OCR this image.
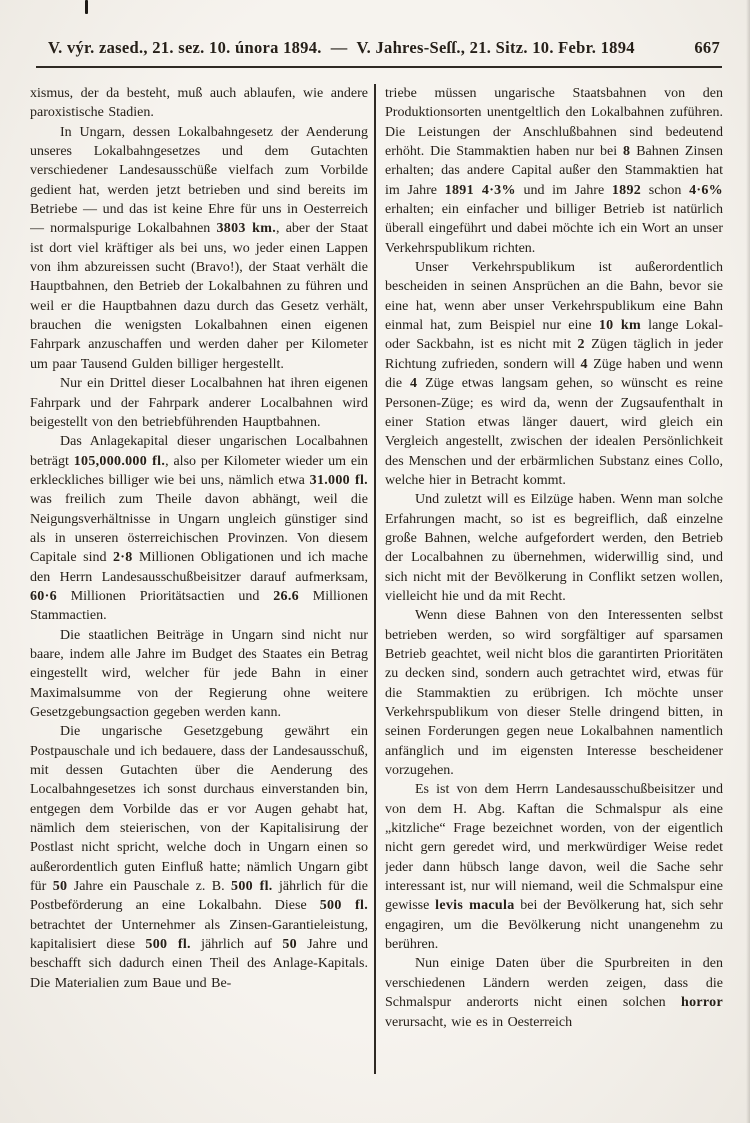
V. výr. zased., 21. sez. 10. února 1894. — V. Jahres-Seſſ., 21. Sitz. 10. Febr. 1894	667

xismus, der da besteht, muß auch ablaufen, wie andere paroxistische Stadien.

In Ungarn, dessen Lokalbahngesetz der Aenderung unseres Lokalbahngesetzes und dem Gutachten verschiedener Landesausschüße vielfach zum Vorbilde gedient hat, werden jetzt betrieben und sind bereits im Betriebe — und das ist keine Ehre für uns in Oesterreich — normalspurige Lokalbahnen 3803 km., aber der Staat ist dort viel kräftiger als bei uns, wo jeder einen Lappen von ihm abzureissen sucht (Bravo!), der Staat verhält die Hauptbahnen, den Betrieb der Lokalbahnen zu führen und weil er die Hauptbahnen dazu durch das Gesetz verhält, brauchen die wenigsten Lokalbahnen einen eigenen Fahrpark anzuschaffen und werden daher per Kilometer um paar Tausend Gulden billiger hergestellt.

Nur ein Drittel dieser Localbahnen hat ihren eigenen Fahrpark und der Fahrpark anderer Localbahnen wird beigestellt von den betriebführenden Hauptbahnen.

Das Anlagekapital dieser ungarischen Localbahnen beträgt 105,000.000 fl., also per Kilometer wieder um ein erkleckliches billiger wie bei uns, nämlich etwa 31.000 fl. was freilich zum Theile davon abhängt, weil die Neigungsverhältnisse in Ungarn ungleich günstiger sind als in unseren österreichischen Provinzen. Von diesem Capitale sind 2·8 Millionen Obligationen und ich mache den Herrn Landesausschußbeisitzer darauf aufmerksam, 60·6 Millionen Prioritätsactien und 26.6 Millionen Stammactien.

Die staatlichen Beiträge in Ungarn sind nicht nur baare, indem alle Jahre im Budget des Staates ein Betrag eingestellt wird, welcher für jede Bahn in einer Maximalsumme von der Regierung ohne weitere Gesetzgebungsaction gegeben werden kann.

Die ungarische Gesetzgebung gewährt ein Postpauschale und ich bedauere, dass der Landesausschuß, mit dessen Gutachten über die Aenderung des Localbahngesetzes ich sonst durchaus einverstanden bin, entgegen dem Vorbilde das er vor Augen gehabt hat, nämlich dem steierischen, von der Kapitalisirung der Postlast nicht spricht, welche doch in Ungarn einen so außerordentlich guten Einfluß hatte; nämlich Ungarn gibt für 50 Jahre ein Pauschale z. B. 500 fl. jährlich für die Postbeförderung an eine Lokalbahn. Diese 500 fl. betrachtet der Unternehmer als Zinsen-Garantieleistung, kapitalisiert diese 500 fl. jährlich auf 50 Jahre und beschafft sich dadurch einen Theil des Anlage-Kapitals. Die Materialien zum Baue und Be-

triebe müssen ungarische Staatsbahnen von den Produktionsorten unentgeltlich den Lokalbahnen zuführen. Die Leistungen der Anschlußbahnen sind bedeutend erhöht. Die Stammaktien haben nur bei 8 Bahnen Zinsen erhalten; das andere Capital außer den Stammaktien hat im Jahre 1891 4·3% und im Jahre 1892 schon 4·6% erhalten; ein einfacher und billiger Betrieb ist natürlich überall eingeführt und dabei möchte ich ein Wort an unser Verkehrspublikum richten.

Unser Verkehrspublikum ist außerordentlich bescheiden in seinen Ansprüchen an die Bahn, bevor sie eine hat, wenn aber unser Verkehrspublikum eine Bahn einmal hat, zum Beispiel nur eine 10 km lange Lokal- oder Sackbahn, ist es nicht mit 2 Zügen täglich in jeder Richtung zufrieden, sondern will 4 Züge haben und wenn die 4 Züge etwas langsam gehen, so wünscht es reine Personen-Züge; es wird da, wenn der Zugsaufenthalt in einer Station etwas länger dauert, wird gleich ein Vergleich angestellt, zwischen der idealen Persönlichkeit des Menschen und der erbärmlichen Substanz eines Collo, welche hier in Betracht kommt.

Und zuletzt will es Eilzüge haben. Wenn man solche Erfahrungen macht, so ist es begreiflich, daß einzelne große Bahnen, welche aufgefordert werden, den Betrieb der Localbahnen zu übernehmen, widerwillig sind, und sich nicht mit der Bevölkerung in Conflikt setzen wollen, vielleicht hie und da mit Recht.

Wenn diese Bahnen von den Interessenten selbst betrieben werden, so wird sorgfältiger auf sparsamen Betrieb geachtet, weil nicht blos die garantirten Prioritäten zu decken sind, sondern auch getrachtet wird, etwas für die Stammaktien zu erübrigen. Ich möchte unser Verkehrspublikum von dieser Stelle dringend bitten, in seinen Forderungen gegen neue Lokalbahnen namentlich anfänglich und im eigensten Interesse bescheidener vorzugehen.

Es ist von dem Herrn Landesausschußbeisitzer und von dem H. Abg. Kaftan die Schmalspur als eine „kitzliche“ Frage bezeichnet worden, von der eigentlich nicht gern geredet wird, und merkwürdiger Weise redet jeder dann hübsch lange davon, weil die Sache sehr interessant ist, nur will niemand, weil die Schmalspur eine gewisse levis macula bei der Bevölkerung hat, sich sehr engagiren, um die Bevölkerung nicht unangenehm zu berühren.

Nun einige Daten über die Spurbreiten in den verschiedenen Ländern werden zeigen, dass die Schmalspur anderorts nicht einen solchen horror verursacht, wie es in Oesterreich
